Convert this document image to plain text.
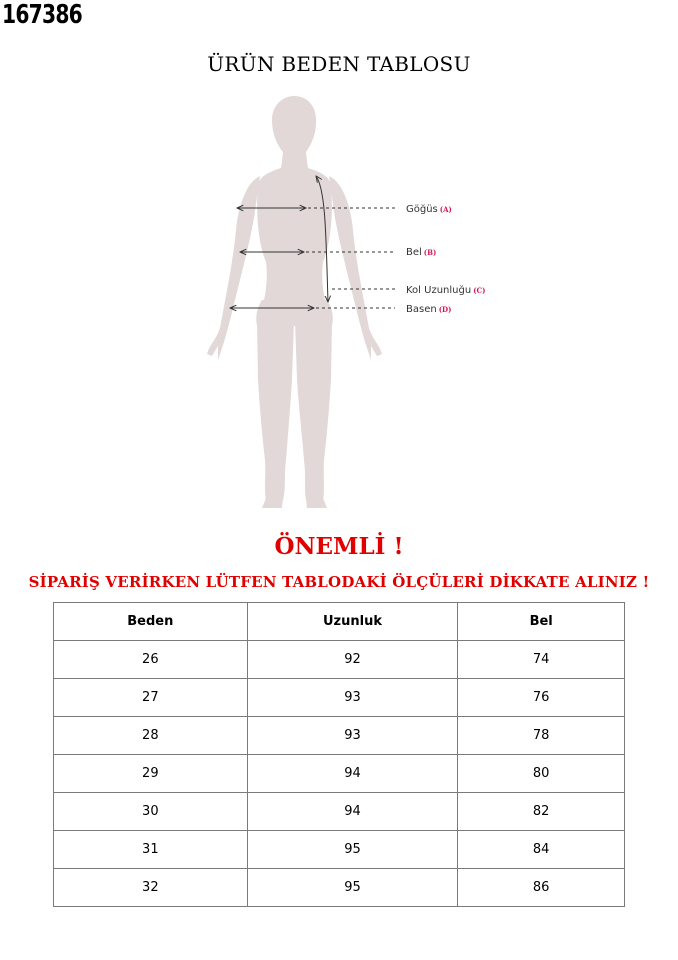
167386
ÜRÜN BEDEN TABLOSU
Göğüs (A)
Bel (B)
Kol Uzunluğu (C)
Basen (D)
ÖNEMLİ !
SİPARİŞ VERİRKEN LÜTFEN TABLODAKİ ÖLÇÜLERİ DİKKATE ALINIZ !
Beden	Uzunluk	Bel
26	92	74
27	93	76
28	93	78
29	94	80
30	94	82
31	95	84
32	95	86
